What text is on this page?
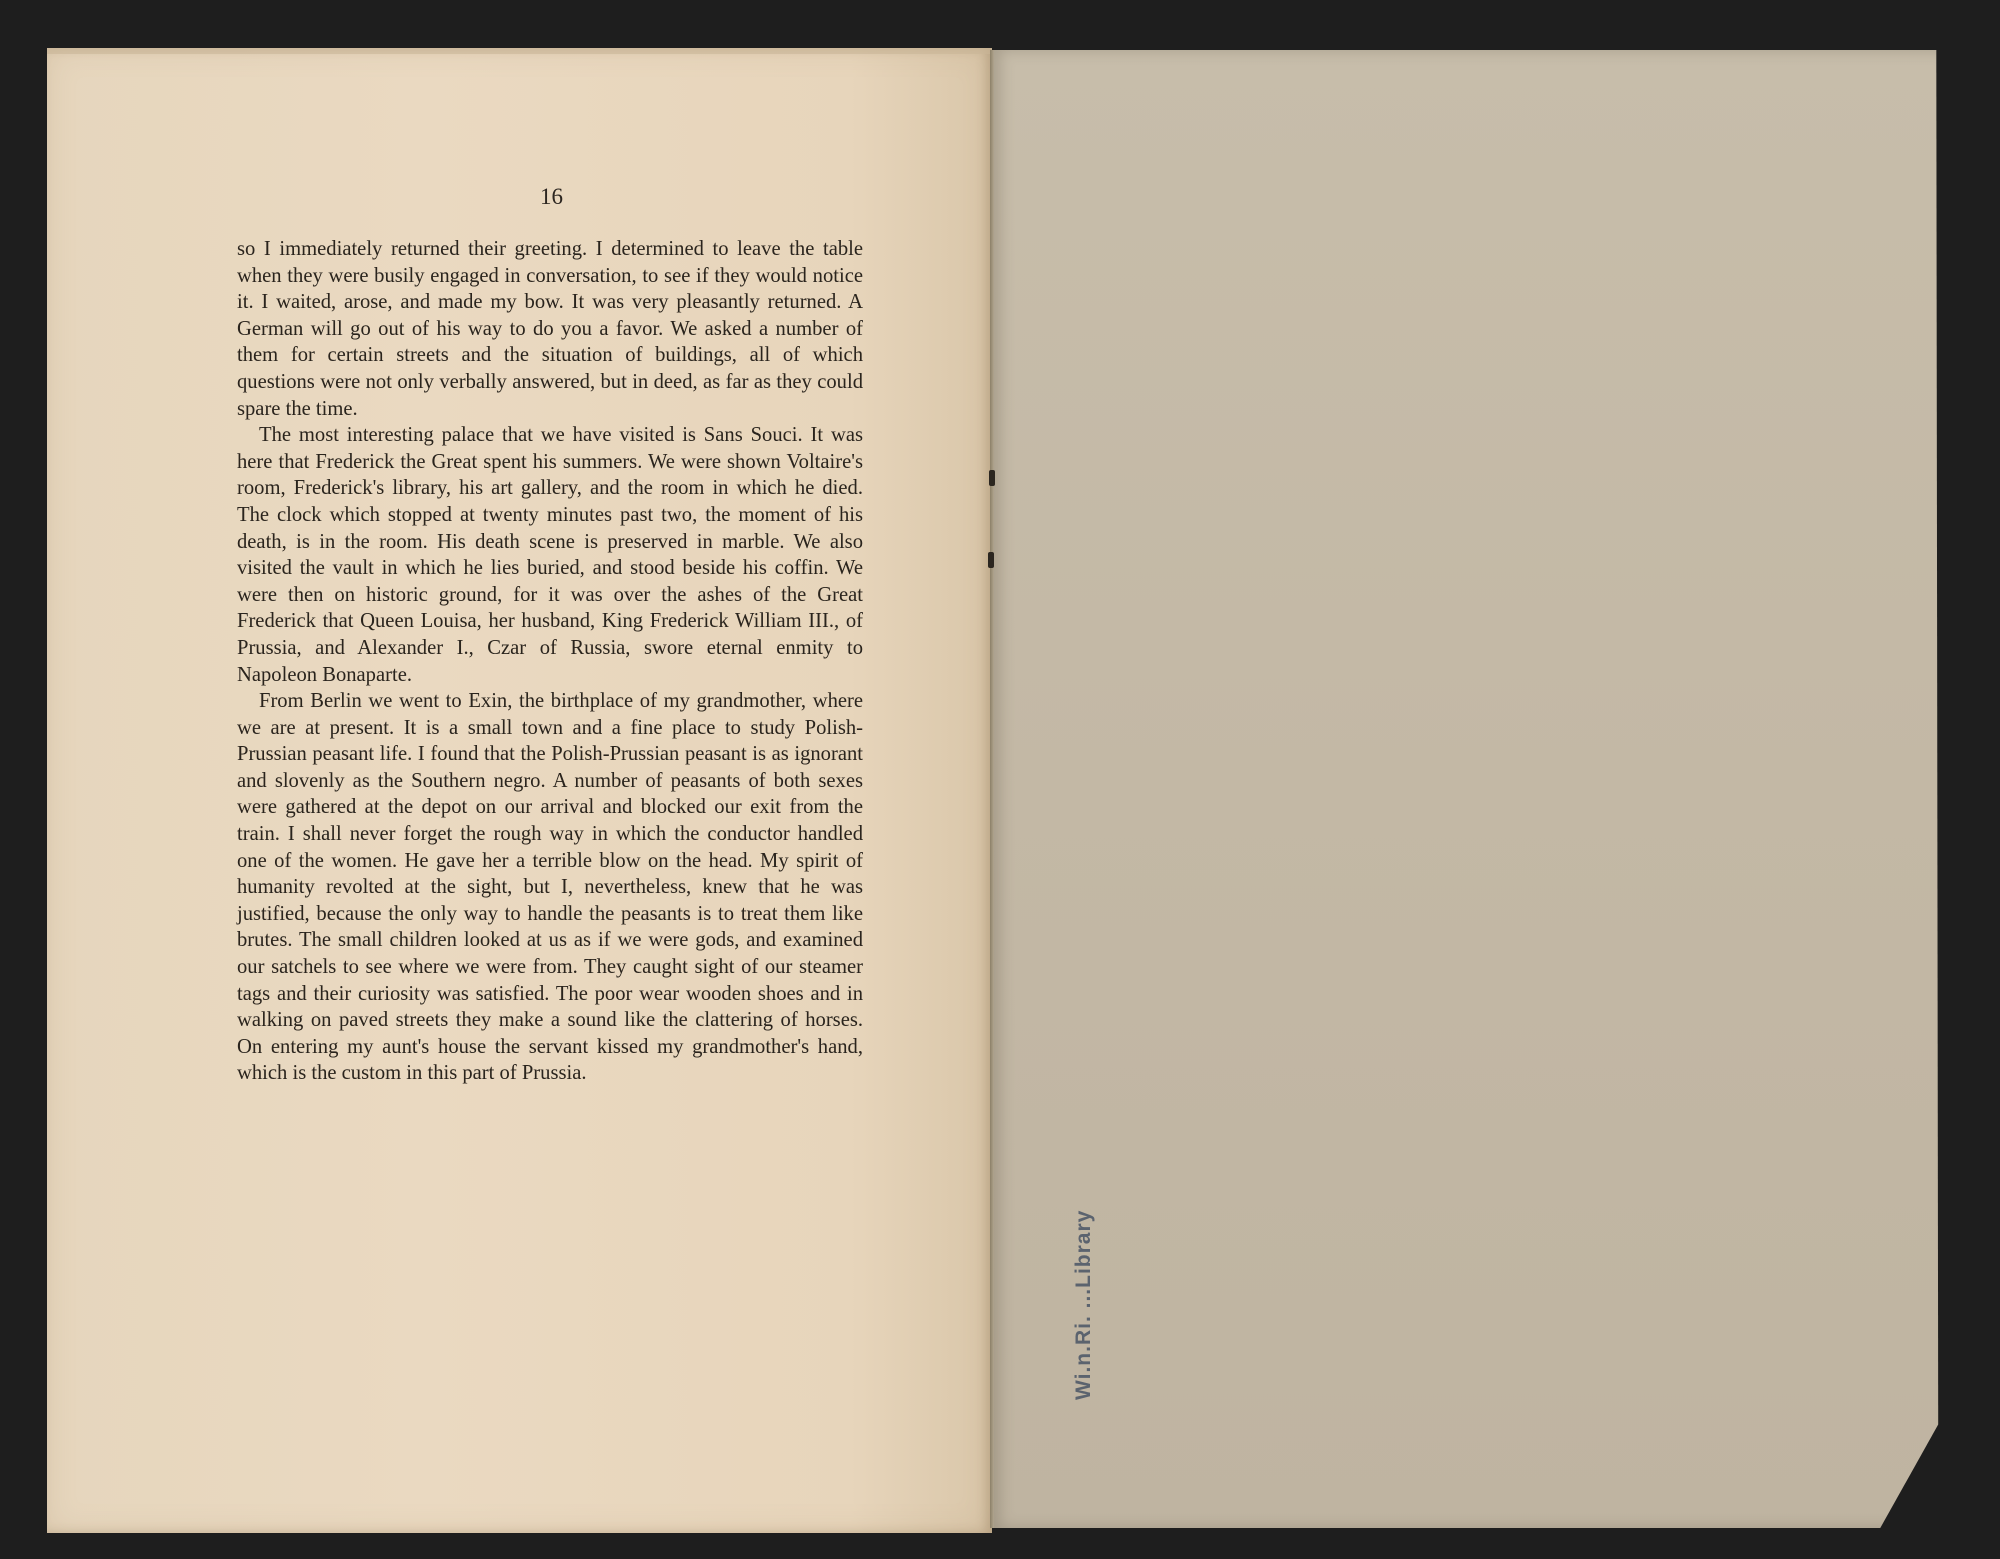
16

so I immediately returned their greeting. I determined to leave the table when they were busily engaged in conversation, to see if they would notice it. I waited, arose, and made my bow. It was very pleasantly returned. A German will go out of his way to do you a favor. We asked a number of them for certain streets and the situation of buildings, all of which questions were not only verbally answered, but in deed, as far as they could spare the time.

The most interesting palace that we have visited is Sans Souci. It was here that Frederick the Great spent his summers. We were shown Voltaire's room, Frederick's library, his art gallery, and the room in which he died. The clock which stopped at twenty minutes past two, the moment of his death, is in the room. His death scene is preserved in marble. We also visited the vault in which he lies buried, and stood beside his coffin. We were then on historic ground, for it was over the ashes of the Great Frederick that Queen Louisa, her husband, King Frederick William III., of Prussia, and Alexander I., Czar of Russia, swore eternal enmity to Napoleon Bonaparte.

From Berlin we went to Exin, the birthplace of my grandmother, where we are at present. It is a small town and a fine place to study Polish-Prussian peasant life. I found that the Polish-Prussian peasant is as ignorant and slovenly as the Southern negro. A number of peasants of both sexes were gathered at the depot on our arrival and blocked our exit from the train. I shall never forget the rough way in which the conductor handled one of the women. He gave her a terrible blow on the head. My spirit of humanity revolted at the sight, but I, nevertheless, knew that he was justified, because the only way to handle the peasants is to treat them like brutes. The small children looked at us as if we were gods, and examined our satchels to see where we were from. They caught sight of our steamer tags and their curiosity was satisfied. The poor wear wooden shoes and in walking on paved streets they make a sound like the clattering of horses. On entering my aunt's house the servant kissed my grandmother's hand, which is the custom in this part of Prussia.

Wi.n.Ri. ...Library
